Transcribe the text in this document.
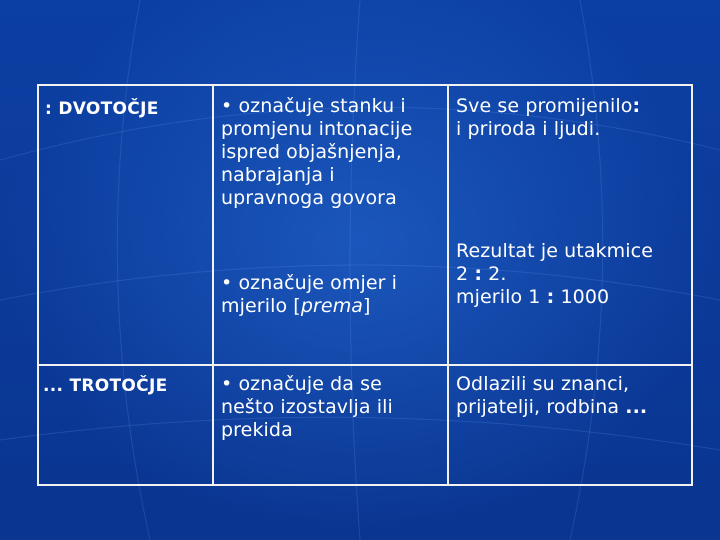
: DVOTOČJE	• označuje stanku i
promjenu intonacije
ispred objašnjenja,
nabrajanja i
upravnoga govora
• označuje omjer i
mjerilo [prema]
Sve se promijenilo:
i priroda i ljudi.
Rezultat je utakmice
2 : 2.
mjerilo 1 : 1000
... TROTOČJE	• označuje da se
nešto izostavlja ili
prekida
Odlazili su znanci,
prijatelji, rodbina ...
